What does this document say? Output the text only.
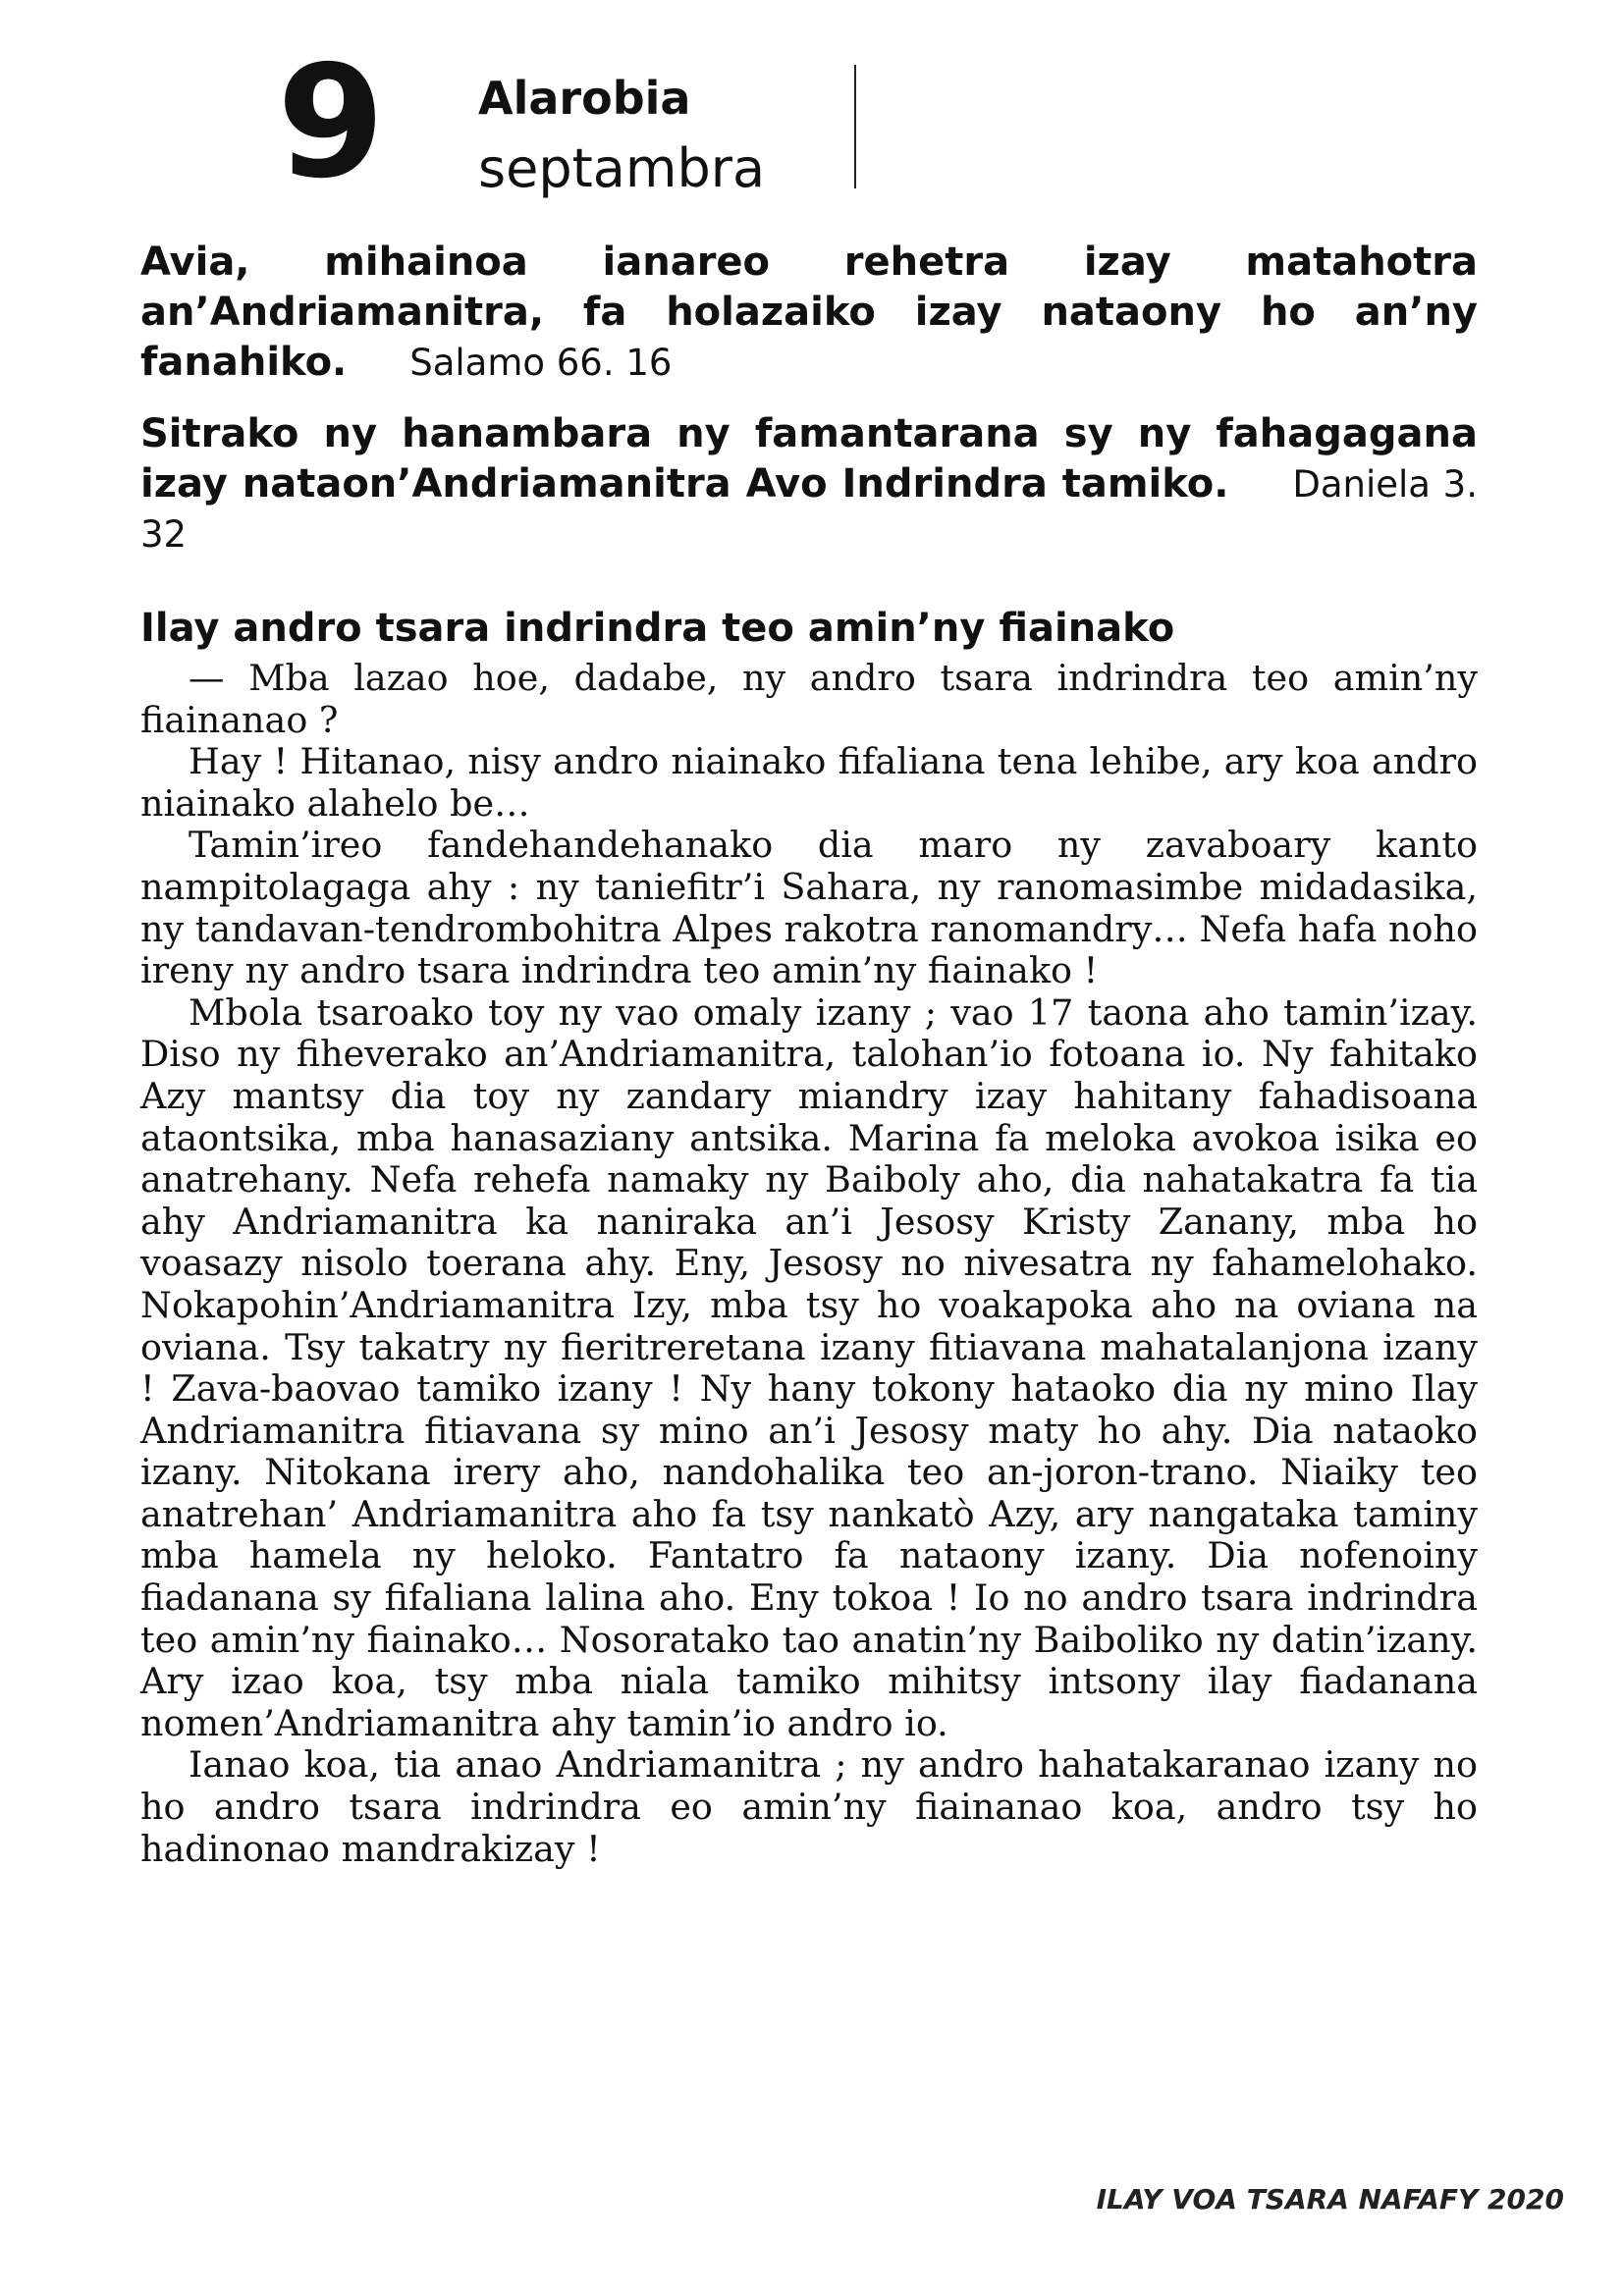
9 Alarobia
septambra

Avia, mihainoa ianareo rehetra izay matahotra an’Andriamanitra, fa holazaiko izay nataony ho an’ny fanahiko. Salamo 66. 16

Sitrako ny hanambara ny famantarana sy ny fahagagana izay nataon’Andriamanitra Avo Indrindra tamiko. Daniela 3. 32

Ilay andro tsara indrindra teo amin’ny fiainako

— Mba lazao hoe, dadabe, ny andro tsara indrindra teo amin’ny fiainanao ?

Hay ! Hitanao, nisy andro niainako fifaliana tena lehibe, ary koa andro niainako alahelo be…

Tamin’ireo fandehandehanako dia maro ny zavaboary kanto nampitolagaga ahy : ny taniefitr’i Sahara, ny ranomasimbe midadasika, ny tandavan-tendrombohitra Alpes rakotra ranomandry… Nefa hafa noho ireny ny andro tsara indrindra teo amin’ny fiainako !

Mbola tsaroako toy ny vao omaly izany ; vao 17 taona aho tamin’izay. Diso ny fiheverako an’Andriamanitra, talohan’io fotoana io. Ny fahitako Azy mantsy dia toy ny zandary miandry izay hahitany fahadisoana ataontsika, mba hanasaziany antsika. Marina fa meloka avokoa isika eo anatrehany. Nefa rehefa namaky ny Baiboly aho, dia nahatakatra fa tia ahy Andriamanitra ka naniraka an’i Jesosy Kristy Zanany, mba ho voasazy nisolo toerana ahy. Eny, Jesosy no nivesatra ny fahamelohako. Nokapohin’Andriamanitra Izy, mba tsy ho voakapoka aho na oviana na oviana. Tsy takatry ny fieritreretana izany fitiavana mahatalanjona izany ! Zava-baovao tamiko izany ! Ny hany tokony hataoko dia ny mino Ilay Andriamanitra fitiavana sy mino an’i Jesosy maty ho ahy. Dia nataoko izany. Nitokana irery aho, nandohalika teo an-joron-trano. Niaiky teo anatrehan’ Andriamanitra aho fa tsy nankatò Azy, ary nangataka taminy mba hamela ny heloko. Fantatro fa nataony izany. Dia nofenoiny fiadanana sy fifaliana lalina aho. Eny tokoa ! Io no andro tsara indrindra teo amin’ny fiainako… Nosoratako tao anatin’ny Baiboliko ny datin’izany. Ary izao koa, tsy mba niala tamiko mihitsy intsony ilay fiadanana nomen’Andriamanitra ahy tamin’io andro io.

Ianao koa, tia anao Andriamanitra ; ny andro hahatakaranao izany no ho andro tsara indrindra eo amin’ny fiainanao koa, andro tsy ho hadinonao mandrakizay !

ILAY VOA TSARA NAFAFY 2020
